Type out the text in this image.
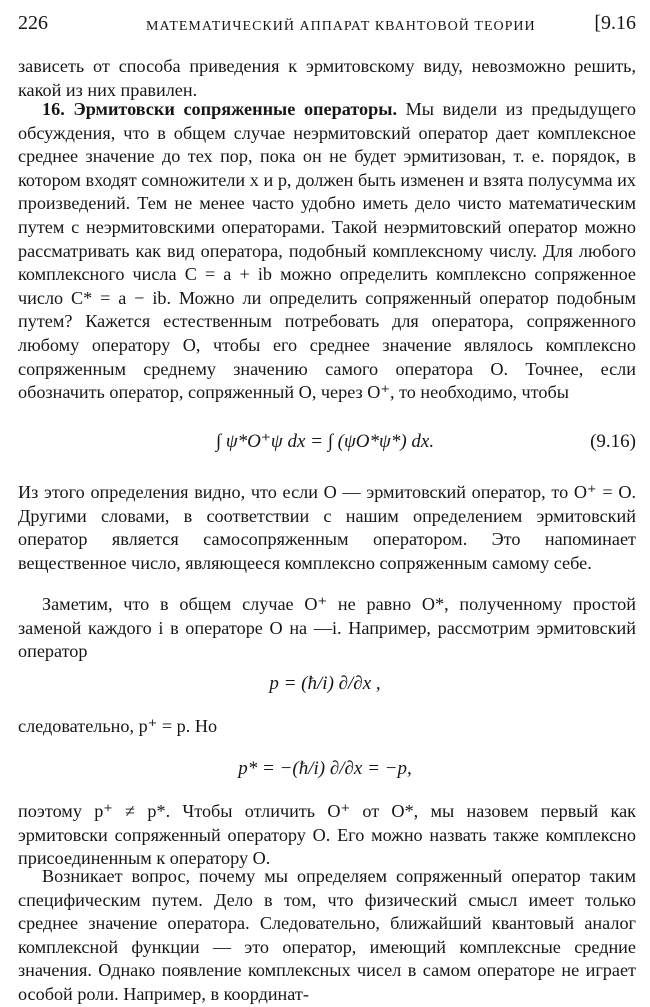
226	МАТЕМАТИЧЕСКИЙ АППАРАТ КВАНТОВОЙ ТЕОРИИ	[9.16

зависеть от способа приведения к эрмитовскому виду, невозможно решить, какой из них правилен.

16. Эрмитовски сопряженные операторы. Мы видели из предыдущего обсуждения, что в общем случае неэрмитовский оператор дает комплексное среднее значение до тех пор, пока он не будет эрмитизован, т. е. порядок, в котором входят сомножители x и p, должен быть изменен и взята полусумма их произведений. Тем не менее часто удобно иметь дело чисто математическим путем с неэрмитовскими операторами. Такой неэрмитовский оператор можно рассматривать как вид оператора, подобный комплексному числу. Для любого комплексного числа C = a + ib можно определить комплексно сопряженное число C* = a − ib. Можно ли определить сопряженный оператор подобным путем? Кажется естественным потребовать для оператора, сопряженного любому оператору O, чтобы его среднее значение являлось комплексно сопряженным среднему значению самого оператора O. Точнее, если обозначить оператор, сопряженный O, через O⁺, то необходимо, чтобы

∫ ψ*O⁺ψ dx = ∫ (ψO*ψ*) dx.	(9.16)

Из этого определения видно, что если O — эрмитовский оператор, то O⁺ = O. Другими словами, в соответствии с нашим определением эрмитовский оператор является самосопряженным оператором. Это напоминает вещественное число, являющееся комплексно сопряженным самому себе.

Заметим, что в общем случае O⁺ не равно O*, полученному простой заменой каждого i в операторе O на —i. Например, рассмотрим эрмитовский оператор

p = (ħ/i) ∂/∂x ,

следовательно, p⁺ = p. Но

p* = −(ħ/i) ∂/∂x = −p,

поэтому p⁺ ≠ p*. Чтобы отличить O⁺ от O*, мы назовем первый как эрмитовски сопряженный оператору O. Его можно назвать также комплексно присоединенным к оператору O.

Возникает вопрос, почему мы определяем сопряженный оператор таким специфическим путем. Дело в том, что физический смысл имеет только среднее значение оператора. Следовательно, ближайший квантовый аналог комплексной функции — это оператор, имеющий комплексные средние значения. Однако появление комплексных чисел в самом операторе не играет особой роли. Например, в координат-
